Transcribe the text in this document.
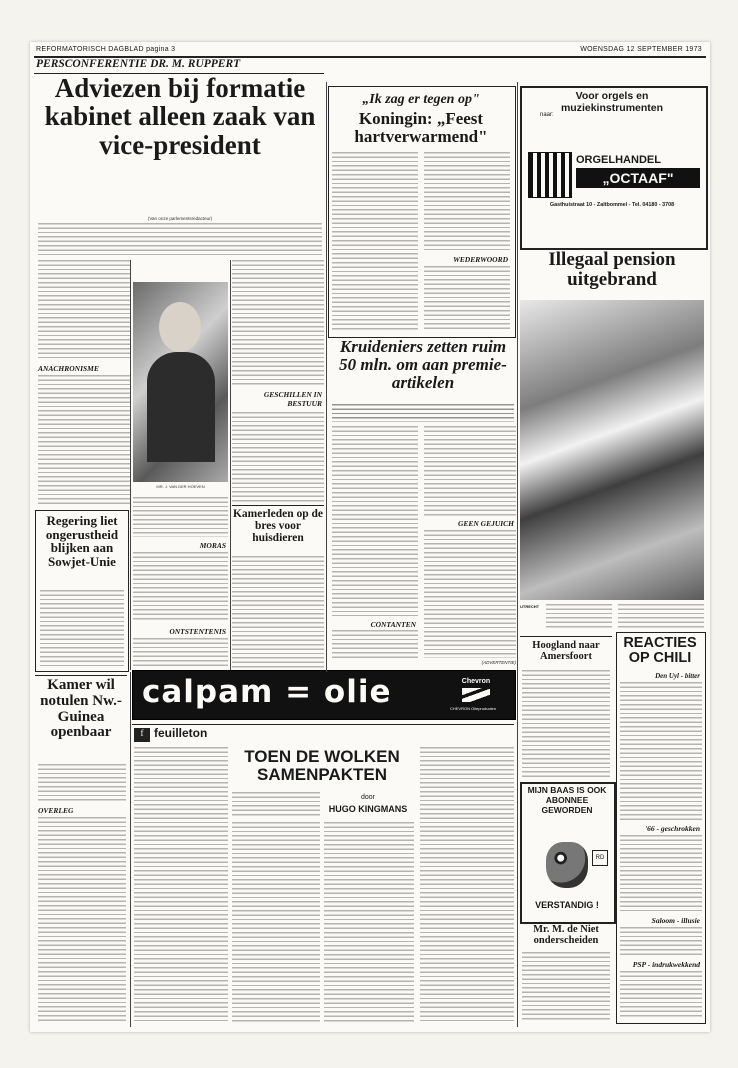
REFORMATORISCH DAGBLAD pagina 3	WOENSDAG 12 SEPTEMBER 1973
PERSCONFERENTIE DR. M. RUPPERT
Adviezen bij formatie kabinet alleen zaak van vice-president
(Van onze parlementsredacteur)
MR. J. VAN DER HOEVEN
ANACHRONISME
GESCHILLEN IN BESTUUR
MORAS
ONTSTENTENIS
Kamerleden op de bres voor huisdieren
Regering liet ongerustheid blijken aan Sowjet-Unie
Kamer wil notulen Nw.-Guinea openbaar
OVERLEG
„Ik zag er tegen op"
Koningin: „Feest hartverwarmend"
WEDERWOORD
Voor orgels en muziekinstrumenten
naar:
ORGELHANDEL
„OCTAAF"
Gasthuistraat 10 - Zaltbommel - Tel. 04180 - 3708
Illegaal pension uitgebrand
UTRECHT
Kruideniers zetten ruim 50 mln. om aan premie-artikelen
CONTANTEN
GEEN GEJUICH
(ADVERTENTIE)
calpam = olie	Chevron
CHEVRON Oliepruducten
f feuilleton
TOEN DE WOLKEN SAMENPAKTEN
door
HUGO KINGMANS
Hoogland naar Amersfoort
MIJN BAAS IS OOK ABONNEE GEWORDEN
RD
VERSTANDIG !
Mr. M. de Niet onderscheiden
REACTIES OP CHILI
Den Uyl - bitter
'66 - geschrokken
Saloom - illusie
PSP - indrukwekkend
